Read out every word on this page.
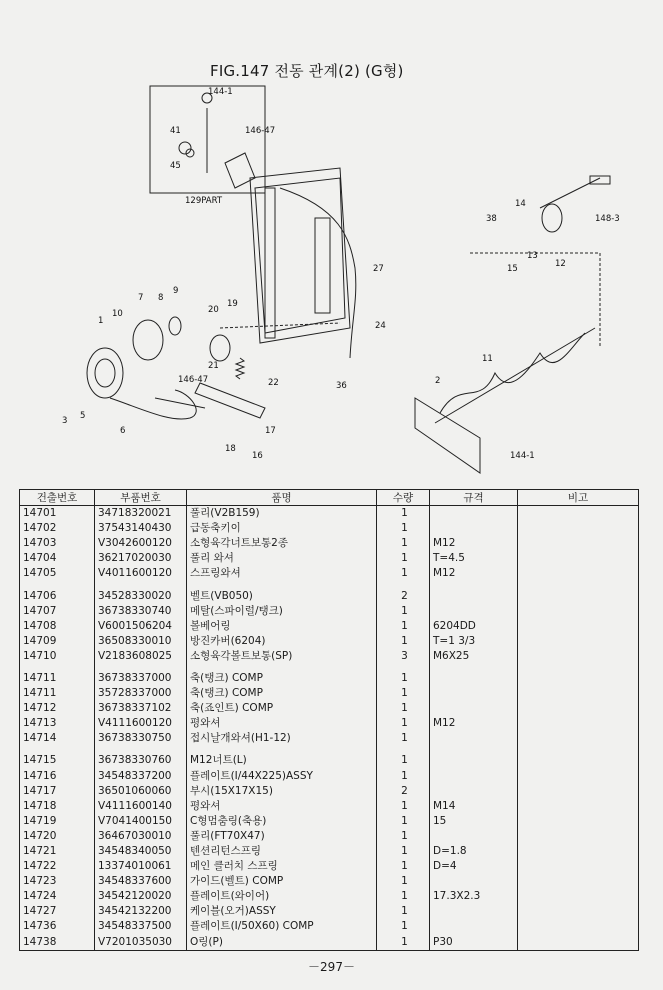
FIG.147 전동 관계(2) (G형)
144-1
41	146-47
45
129PART
1
2
3 5
6
7 8
9
10
11
12
13
14
15
16
17
18
19
20
21
22
24
27
36
38
144-1
146-47
148-3
건출번호	부품번호	품명	수량	규격	비고
14701	34718320021	풀리(V2B159)	1		
14702	37543140430	급동축키이	1		
14703	V3042600120	소형육각너트보통2종	1	M12	
14704	36217020030	풀리 와셔	1	T=4.5	
14705	V4011600120	스프링와셔	1	M12	

14706	34528330020	벨트(VB050)	2		
14707	36738330740	메탈(스파이럴/탱크)	1		
14708	V6001506204	볼베어링	1	6204DD	
14709	36508330010	방진카버(6204)	1	T=1 3/3	
14710	V2183608025	소형육각볼트보통(SP)	3	M6X25	

14711	36738337000	축(탱크) COMP	1		
14711	35728337000	축(탱크) COMP	1		
14712	36738337102	축(죠인트) COMP	1		
14713	V4111600120	평와셔	1	M12	
14714	36738330750	접시날개와셔(H1-12)	1		

14715	36738330760	M12너트(L)	1		
14716	34548337200	플레이트(I/44X225)ASSY	1		
14717	36501060060	부시(15X17X15)	2		
14718	V4111600140	평와셔	1	M14	
14719	V7041400150	C형멈춤링(축용)	1	15	
14720	36467030010	풀리(FT70X47)	1		
14721	34548340050	텐션리턴스프링	1	D=1.8	
14722	13374010061	메인 클러치 스프링	1	D=4	
14723	34548337600	가이드(벨트) COMP	1		
14724	34542120020	플레이트(와이어)	1	17.3X2.3	
14727	34542132200	케이블(오거)ASSY	1		
14736	34548337500	플레이트(I/50X60) COMP	1		
14738	V7201035030	O링(P)	1	P30	
－297－
